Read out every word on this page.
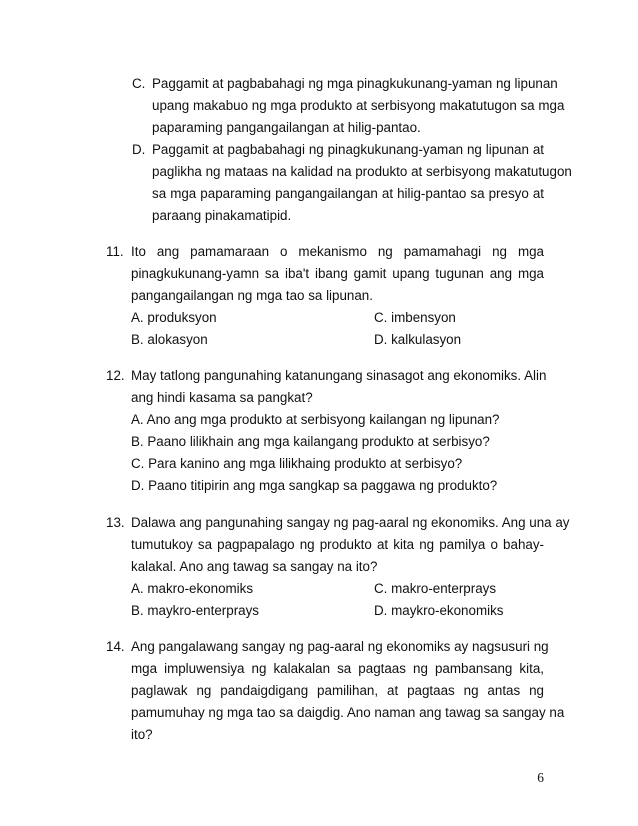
C. Paggamit at pagbabahagi ng mga pinagkukunang-yaman ng lipunan
upang makabuo ng mga produkto at serbisyong makatutugon sa mga
paparaming pangangailangan at hilig-pantao.
D. Paggamit at pagbabahagi ng pinagkukunang-yaman ng lipunan at
paglikha ng mataas na kalidad na produkto at serbisyong makatutugon
sa mga paparaming pangangailangan at hilig-pantao sa presyo at
paraang pinakamatipid.
11. Ito ang pamamaraan o mekanismo ng pamamahagi ng mga
pinagkukunang-yamn sa iba't ibang gamit upang tugunan ang mga
pangangailangan ng mga tao sa lipunan.
A. produksyon	C. imbensyon
B. alokasyon	D. kalkulasyon
12. May tatlong pangunahing katanungang sinasagot ang ekonomiks. Alin
ang hindi kasama sa pangkat?
A. Ano ang mga produkto at serbisyong kailangan ng lipunan?
B. Paano lilikhain ang mga kailangang produkto at serbisyo?
C. Para kanino ang mga lilikhaing produkto at serbisyo?
D. Paano titipirin ang mga sangkap sa paggawa ng produkto?
13. Dalawa ang pangunahing sangay ng pag-aaral ng ekonomiks. Ang una ay
tumutukoy sa pagpapalago ng produkto at kita ng pamilya o bahay-
kalakal. Ano ang tawag sa sangay na ito?
A. makro-ekonomiks	C. makro-enterprays
B. maykro-enterprays	D. maykro-ekonomiks
14. Ang pangalawang sangay ng pag-aaral ng ekonomiks ay nagsusuri ng
mga impluwensiya ng kalakalan sa pagtaas ng pambansang kita,
paglawak ng pandaigdigang pamilihan, at pagtaas ng antas ng
pamumuhay ng mga tao sa daigdig. Ano naman ang tawag sa sangay na
ito?
6
